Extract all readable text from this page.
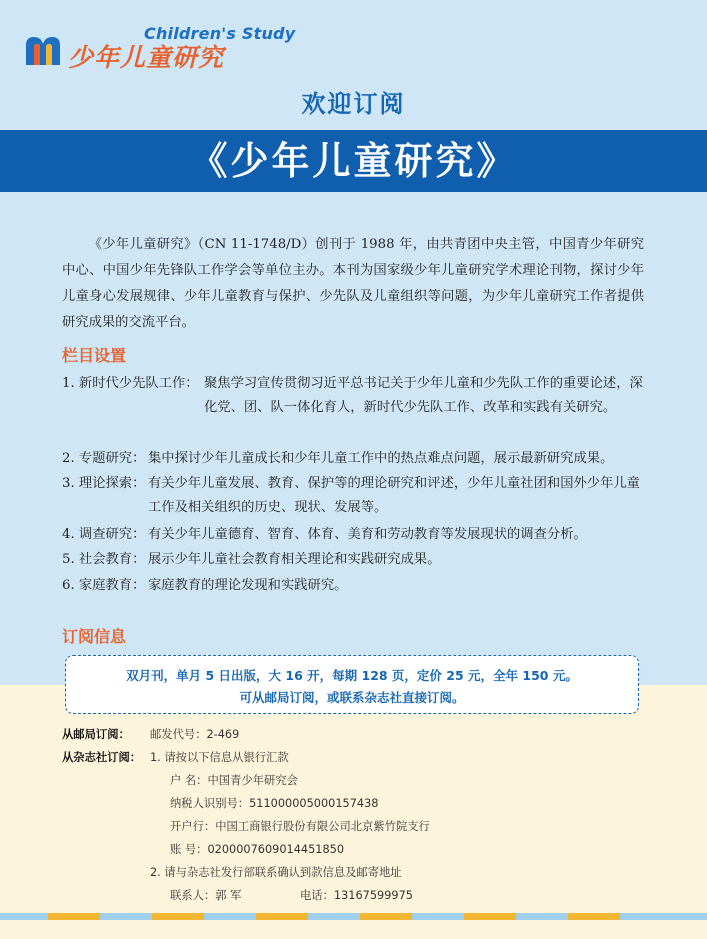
Children's Study
少年儿童研究
欢迎订阅
《少年儿童研究》

《少年儿童研究》（CN 11-1748/D）创刊于 1988 年，由共青团中央主管，中国青少年研究中心、中国少年先锋队工作学会等单位主办。本刊为国家级少年儿童研究学术理论刊物，探讨少年儿童身心发展规律、少年儿童教育与保护、少先队及儿童组织等问题，为少年儿童研究工作者提供研究成果的交流平台。

栏目设置
1. 新时代少先队工作： 聚焦学习宣传贯彻习近平总书记关于少年儿童和少先队工作的重要论述，深化党、团、队一体化育人，新时代少先队工作、改革和实践有关研究。
2. 专题研究： 集中探讨少年儿童成长和少年儿童工作中的热点难点问题，展示最新研究成果。
3. 理论探索： 有关少年儿童发展、教育、保护等的理论研究和评述，少年儿童社团和国外少年儿童工作及相关组织的历史、现状、发展等。
4. 调查研究： 有关少年儿童德育、智育、体育、美育和劳动教育等发展现状的调查分析。
5. 社会教育： 展示少年儿童社会教育相关理论和实践研究成果。
6. 家庭教育： 家庭教育的理论发现和实践研究。
订阅信息
双月刊，单月 5 日出版，大 16 开，每期 128 页，定价 25 元，全年 150 元。
可从邮局订阅，或联系杂志社直接订阅。
从邮局订阅： 邮发代号：2-469
从杂志社订阅： 1. 请按以下信息从银行汇款
户 名：中国青少年研究会
纳税人识别号：511000005000157438
开户行：中国工商银行股份有限公司北京紫竹院支行
账 号：0200007609014451850
2. 请与杂志社发行部联系确认到款信息及邮寄地址
联系人：郭 军	电话：13167599975
